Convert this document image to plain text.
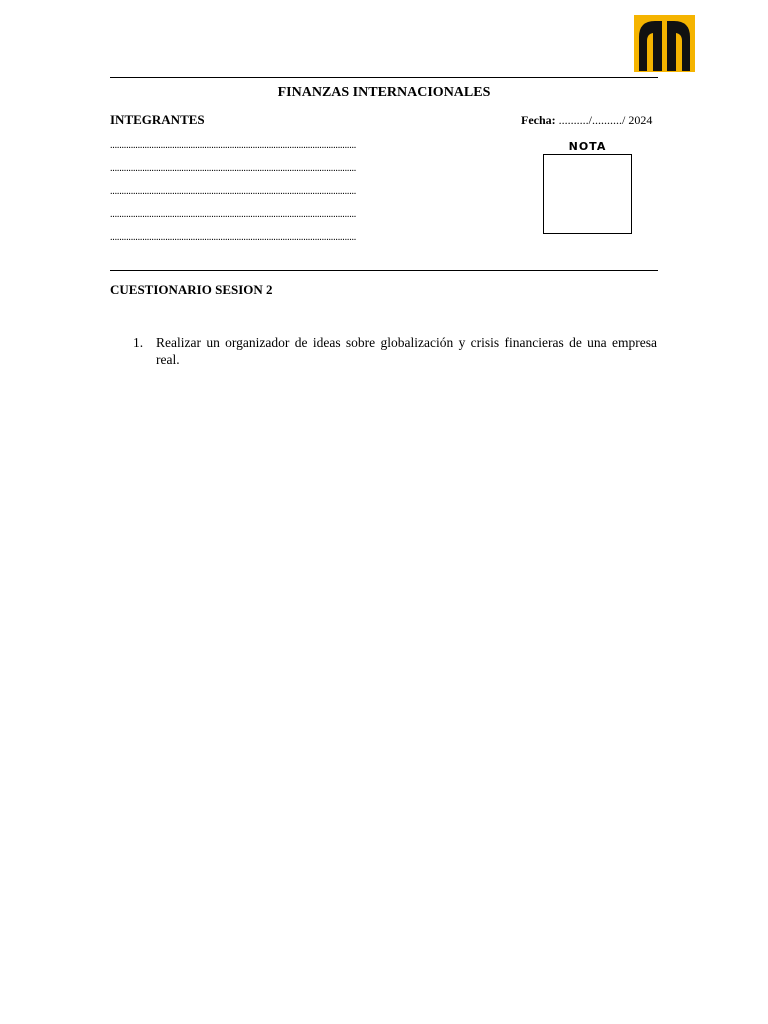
FINANZAS INTERNACIONALES
INTEGRANTES	Fecha: ........../........../ 2024
...........................................................................................................
...........................................................................................................
...........................................................................................................
...........................................................................................................
...........................................................................................................
NOTA
CUESTIONARIO SESION 2
1. Realizar un organizador de ideas sobre globalización y crisis financieras de una empresa real.
